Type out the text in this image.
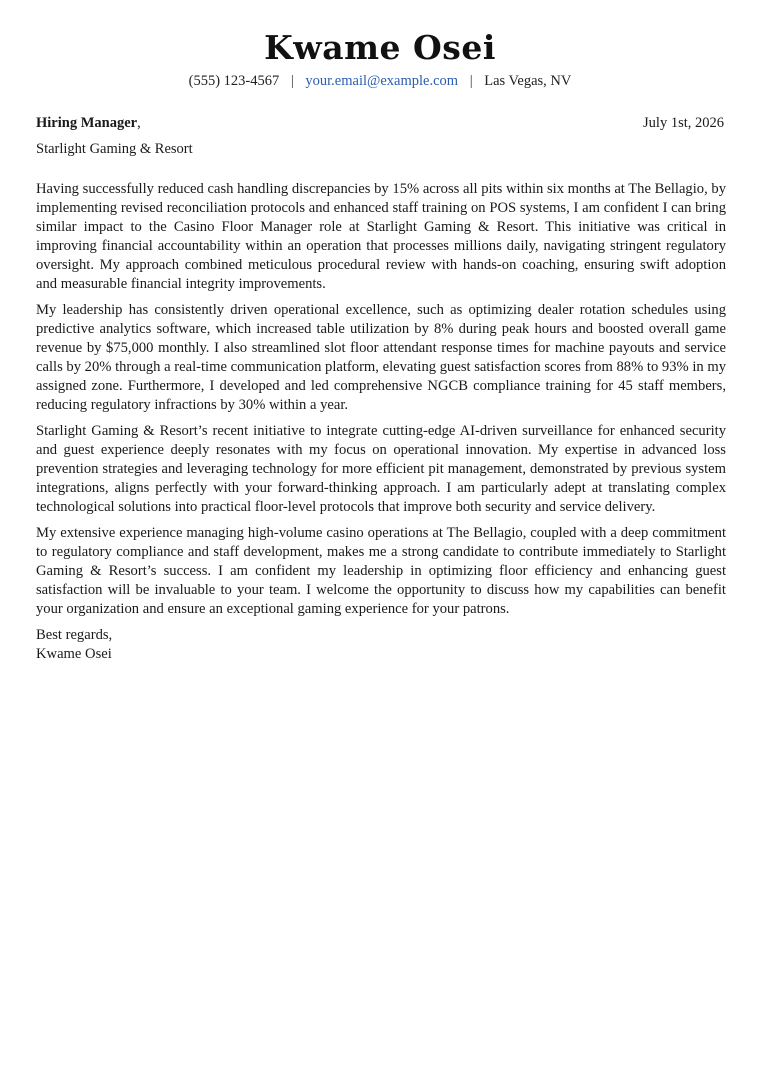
Kwame Osei
(555) 123-4567 | your.email@example.com | Las Vegas, NV
Hiring Manager,	July 1st, 2026
Starlight Gaming & Resort

Having successfully reduced cash handling discrepancies by 15% across all pits within six months at The Bellagio, by implementing revised reconciliation protocols and enhanced staff training on POS systems, I am confident I can bring similar impact to the Casino Floor Manager role at Starlight Gaming & Resort. This initiative was critical in improving financial accountability within an operation that processes millions daily, navigating stringent regulatory oversight. My approach combined meticulous procedural review with hands-on coaching, ensuring swift adoption and measurable financial integrity improvements.

My leadership has consistently driven operational excellence, such as optimizing dealer rotation schedules using predictive analytics software, which increased table utilization by 8% during peak hours and boosted overall game revenue by $75,000 monthly. I also streamlined slot floor attendant response times for machine payouts and service calls by 20% through a real-time communication platform, elevating guest satisfaction scores from 88% to 93% in my assigned zone. Furthermore, I developed and led comprehensive NGCB compliance training for 45 staff members, reducing regulatory infractions by 30% within a year.

Starlight Gaming & Resort’s recent initiative to integrate cutting-edge AI-driven surveillance for enhanced security and guest experience deeply resonates with my focus on operational innovation. My expertise in advanced loss prevention strategies and leveraging technology for more efficient pit management, demonstrated by previous system integrations, aligns perfectly with your forward-thinking approach. I am particularly adept at translating complex technological solutions into practical floor-level protocols that improve both security and service delivery.

My extensive experience managing high-volume casino operations at The Bellagio, coupled with a deep commitment to regulatory compliance and staff development, makes me a strong candidate to contribute immediately to Starlight Gaming & Resort’s success. I am confident my leadership in optimizing floor efficiency and enhancing guest satisfaction will be invaluable to your team. I welcome the opportunity to discuss how my capabilities can benefit your organization and ensure an exceptional gaming experience for your patrons.

Best regards,
Kwame Osei
